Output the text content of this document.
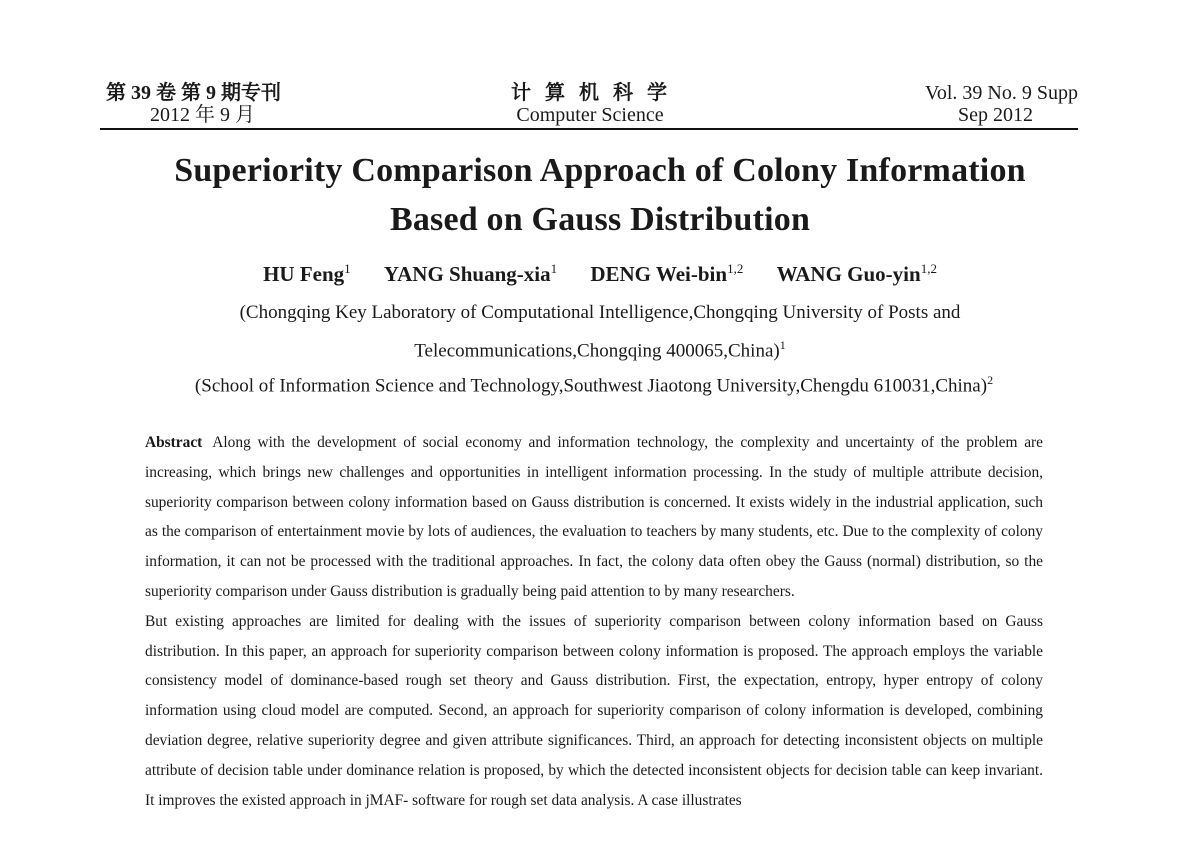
第 39 卷 第 9 期专刊
2012 年 9 月
计算机科学
Computer Science
Vol. 39 No. 9 Supp
Sep 2012
Superiority Comparison Approach of Colony Information
Based on Gauss Distribution
HU Feng$^1$ YANG Shuang-xia$^1$ DENG Wei-bin$^{1,2}$ WANG Guo-yin$^{1,2}$
(Chongqing Key Laboratory of Computational Intelligence,Chongqing University of Posts and
Telecommunications,Chongqing 400065,China)$^1$
(School of Information Science and Technology,Southwest Jiaotong University,Chengdu 610031,China)$^2$

Abstract Along with the development of social economy and information technology, the complexity and uncertainty of the problem are increasing, which brings new challenges and opportunities in intelligent information processing. In the study of multiple attribute decision, superiority comparison between colony information based on Gauss distribution is concerned. It exists widely in the industrial application, such as the comparison of entertainment movie by lots of audiences, the evaluation to teachers by many students, etc. Due to the complexity of colony information, it can not be processed with the traditional approaches. In fact, the colony data often obey the Gauss (normal) distribution, so the superiority comparison under Gauss distribution is gradually being paid attention to by many researchers.

But existing approaches are limited for dealing with the issues of superiority comparison between colony information based on Gauss distribution. In this paper, an approach for superiority comparison between colony information is proposed. The approach employs the variable consistency model of dominance-based rough set theory and Gauss distribution. First, the expectation, entropy, hyper entropy of colony information using cloud model are computed. Second, an approach for superiority comparison of colony information is developed, combining deviation degree, relative superiority degree and given attribute significances. Third, an approach for detecting inconsistent objects on multiple attribute of decision table under dominance relation is proposed, by which the detected inconsistent objects for decision table can keep invariant. It improves the existed approach in jMAF- software for rough set data analysis. A case illustrates
